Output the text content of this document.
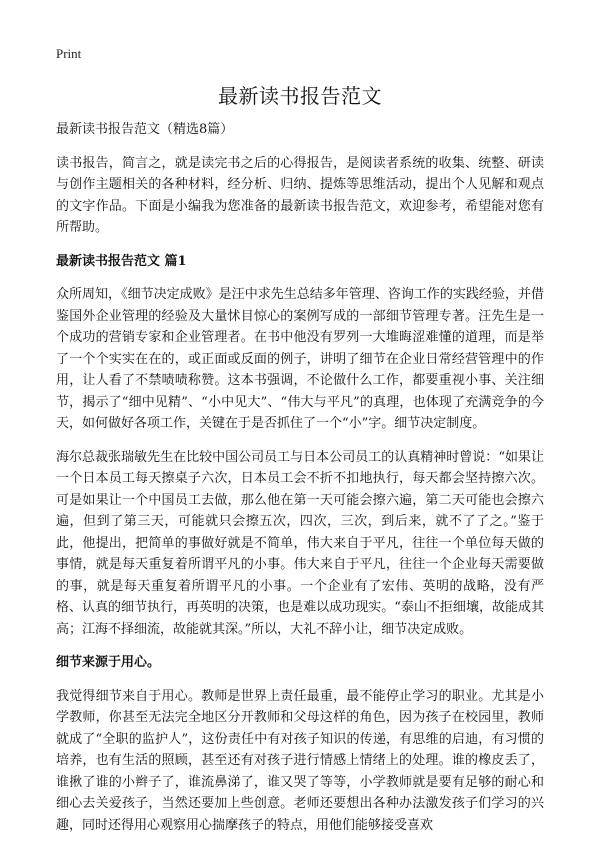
Print
最新读书报告范文

最新读书报告范文（精选8篇）

读书报告，简言之，就是读完书之后的心得报告，是阅读者系统的收集、统整、研读与创作主题相关的各种材料，经分析、归纳、提炼等思维活动，提出个人见解和观点的文字作品。下面是小编我为您准备的最新读书报告范文，欢迎参考，希望能对您有所帮助。

最新读书报告范文 篇1

众所周知，《细节决定成败》是汪中求先生总结多年管理、咨询工作的实践经验，并借鉴国外企业管理的经验及大量怵目惊心的案例写成的一部细节管理专著。汪先生是一个成功的营销专家和企业管理者。在书中他没有罗列一大堆晦涩难懂的道理，而是举了一个个实实在在的，或正面或反面的例子，讲明了细节在企业日常经营管理中的作用，让人看了不禁啧啧称赞。这本书强调，不论做什么工作，都要重视小事、关注细节，揭示了“细中见精”、“小中见大”、“伟大与平凡”的真理，也体现了充满竞争的今天，如何做好各项工作，关键在于是否抓住了一个“小”字。细节决定制度。

海尔总裁张瑞敏先生在比较中国公司员工与日本公司员工的认真精神时曾说：“如果让一个日本员工每天擦桌子六次，日本员工会不折不扣地执行，每天都会坚持擦六次。可是如果让一个中国员工去做，那么他在第一天可能会擦六遍，第二天可能也会擦六遍，但到了第三天，可能就只会擦五次，四次，三次，到后来，就不了了之。”鉴于此，他提出，把简单的事做好就是不简单，伟大来自于平凡，往往一个单位每天做的事情，就是每天重复着所谓平凡的小事。伟大来自于平凡，往往一个企业每天需要做的事，就是每天重复着所谓平凡的小事。一个企业有了宏伟、英明的战略，没有严格、认真的细节执行，再英明的决策，也是难以成功现实。“泰山不拒细壤，故能成其高；江海不择细流，故能就其深。”所以，大礼不辞小让，细节决定成败。

细节来源于用心。

我觉得细节来自于用心。教师是世界上责任最重，最不能停止学习的职业。尤其是小学教师，你甚至无法完全地区分开教师和父母这样的角色，因为孩子在校园里，教师就成了“全职的监护人”，这份责任中有对孩子知识的传递，有思维的启迪，有习惯的培养，也有生活的照顾，甚至还有对孩子进行情感上情绪上的处理。谁的橡皮丢了，谁揪了谁的小辫子了，谁流鼻涕了，谁又哭了等等，小学教师就是要有足够的耐心和细心去关爱孩子，当然还要加上些创意。老师还要想出各种办法激发孩子们学习的兴趣，同时还得用心观察用心揣摩孩子的特点，用他们能够接受喜欢
